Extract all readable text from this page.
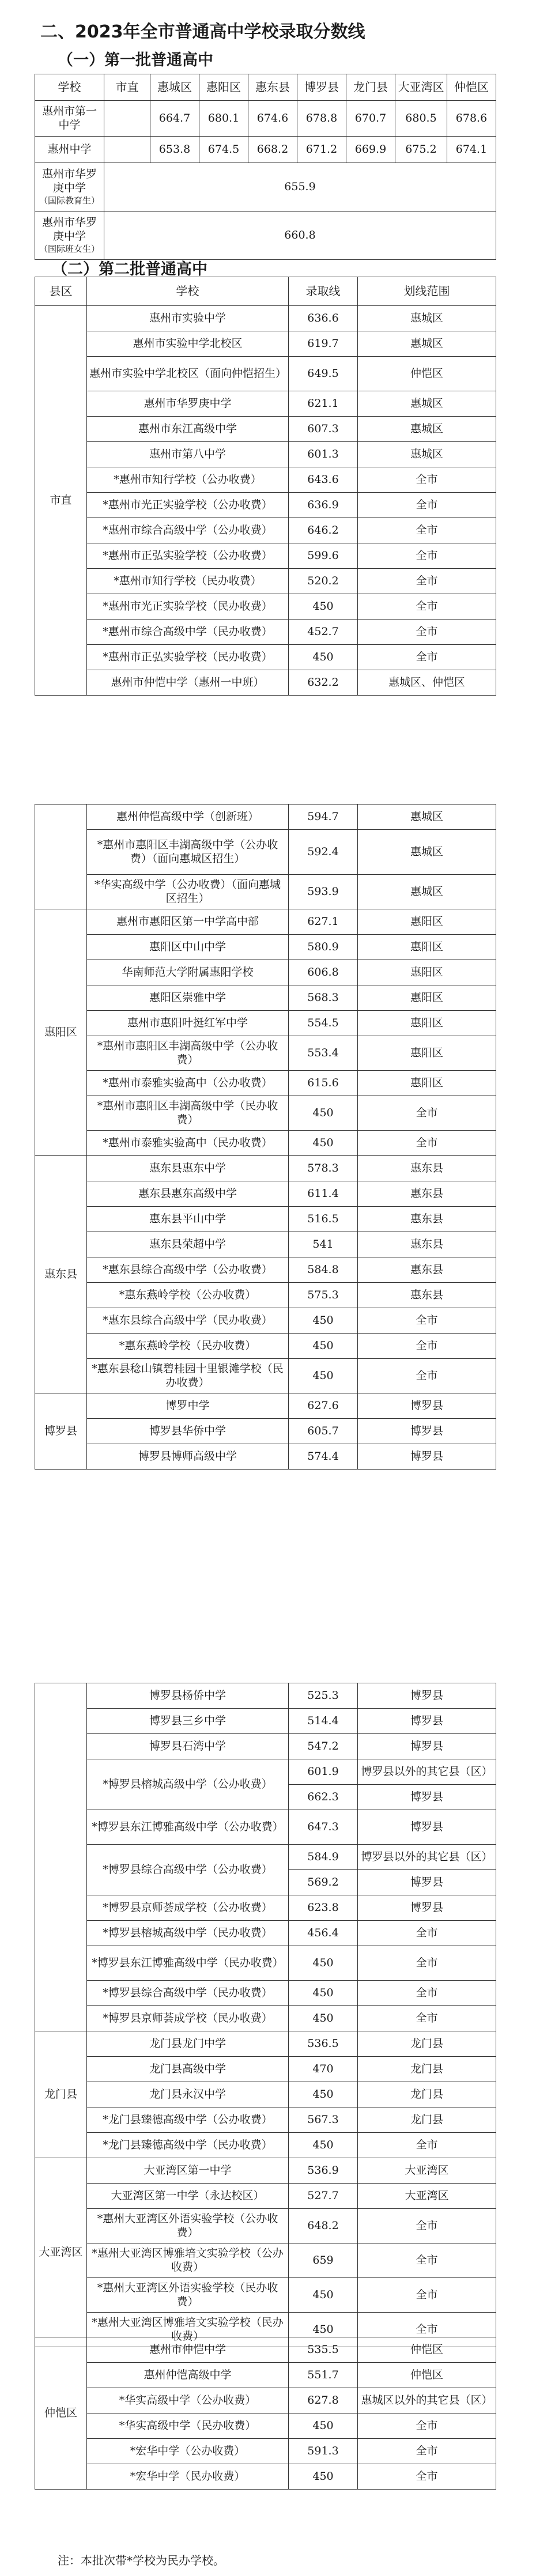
二、2023年全市普通高中学校录取分数线
（一）第一批普通高中
学校	市直	惠城区	惠阳区	惠东县	博罗县	龙门县	大亚湾区	仲恺区
惠州市第一中学		664.7	680.1	674.6	678.8	670.7	680.5	678.6
惠州中学		653.8	674.5	668.2	671.2	669.9	675.2	674.1
惠州市华罗庚中学
（国际教育生）	655.9							
惠州市华罗庚中学
（国际班女生）	660.8							
县区	学校	录取线	划线范围
市直	惠州市实验中学	636.6	惠城区
	惠州市实验中学北校区	619.7	惠城区
	惠州市实验中学北校区（面向仲恺招生）	649.5	仲恺区
	惠州市华罗庚中学	621.1	惠城区
	惠州市东江高级中学	607.3	惠城区
	惠州市第八中学	601.3	惠城区
	*惠州市知行学校（公办收费）	643.6	全市
	*惠州市光正实验学校（公办收费）	636.9	全市
	*惠州市综合高级中学（公办收费）	646.2	全市
	*惠州市正弘实验学校（公办收费）	599.6	全市
	*惠州市知行学校（民办收费）	520.2	全市
	*惠州市光正实验学校（民办收费）	450	全市
	*惠州市综合高级中学（民办收费）	452.7	全市
	*惠州市正弘实验学校（民办收费）	450	全市
	惠州市仲恺中学（惠州一中班）	632.2	惠城区、仲恺区
	惠州仲恺高级中学（创新班）	594.7	惠城区
	*惠州市惠阳区丰湖高级中学（公办收费）（面向惠城区招生）	592.4	惠城区
	*华实高级中学（公办收费）（面向惠城区招生）	593.9	惠城区
惠阳区	惠州市惠阳区第一中学高中部	627.1	惠阳区
	惠阳区中山中学	580.9	惠阳区
	华南师范大学附属惠阳学校	606.8	惠阳区
	惠阳区崇雅中学	568.3	惠阳区
	惠州市惠阳叶挺红军中学	554.5	惠阳区
	*惠州市惠阳区丰湖高级中学（公办收费）	553.4	惠阳区
	*惠州市泰雅实验高中（公办收费）	615.6	惠阳区
	*惠州市惠阳区丰湖高级中学（民办收费）	450	全市
	*惠州市泰雅实验高中（民办收费）	450	全市
惠东县	惠东县惠东中学	578.3	惠东县
	惠东县惠东高级中学	611.4	惠东县
	惠东县平山中学	516.5	惠东县
	惠东县荣超中学	541	惠东县
	*惠东县综合高级中学（公办收费）	584.8	惠东县
	*惠东燕岭学校（公办收费）	575.3	惠东县
	*惠东县综合高级中学（民办收费）	450	全市
	*惠东燕岭学校（民办收费）	450	全市
	*惠东县稔山镇碧桂园十里银滩学校（民办收费）	450	全市
博罗县	博罗中学	627.6	博罗县
	博罗县华侨中学	605.7	博罗县
	博罗县博师高级中学	574.4	博罗县
	博罗县杨侨中学	525.3	博罗县
	博罗县三乡中学	514.4	博罗县
	博罗县石湾中学	547.2	博罗县
	*博罗县榕城高级中学（公办收费）	601.9	博罗县以外的其它县（区）
		662.3	博罗县
	*博罗县东江博雅高级中学（公办收费）	647.3	博罗县
	*博罗县综合高级中学（公办收费）	584.9	博罗县以外的其它县（区）
		569.2	博罗县
	*博罗县京师荟成学校（公办收费）	623.8	博罗县
	*博罗县榕城高级中学（民办收费）	456.4	全市
	*博罗县东江博雅高级中学（民办收费）	450	全市
	*博罗县综合高级中学（民办收费）	450	全市
	*博罗县京师荟成学校（民办收费）	450	全市
龙门县	龙门县龙门中学	536.5	龙门县
	龙门县高级中学	470	龙门县
	龙门县永汉中学	450	龙门县
	*龙门县臻德高级中学（公办收费）	567.3	龙门县
	*龙门县臻德高级中学（民办收费）	450	全市
大亚湾区	大亚湾区第一中学	536.9	大亚湾区
	大亚湾区第一中学（永达校区）	527.7	大亚湾区
	*惠州大亚湾区外语实验学校（公办收费）	648.2	全市
	*惠州大亚湾区博雅培文实验学校（公办收费）	659	全市
	*惠州大亚湾区外语实验学校（民办收费）	450	全市
	*惠州大亚湾区博雅培文实验学校（民办收费）	450	全市
仲恺区	惠州市仲恺中学	535.5	仲恺区
	惠州仲恺高级中学	551.7	仲恺区
	*华实高级中学（公办收费）	627.8	惠城区以外的其它县（区）
	*华实高级中学（民办收费）	450	全市
	*宏华中学（公办收费）	591.3	全市
	*宏华中学（民办收费）	450	全市
注：本批次带*学校为民办学校。
（二）第二批普通高中
